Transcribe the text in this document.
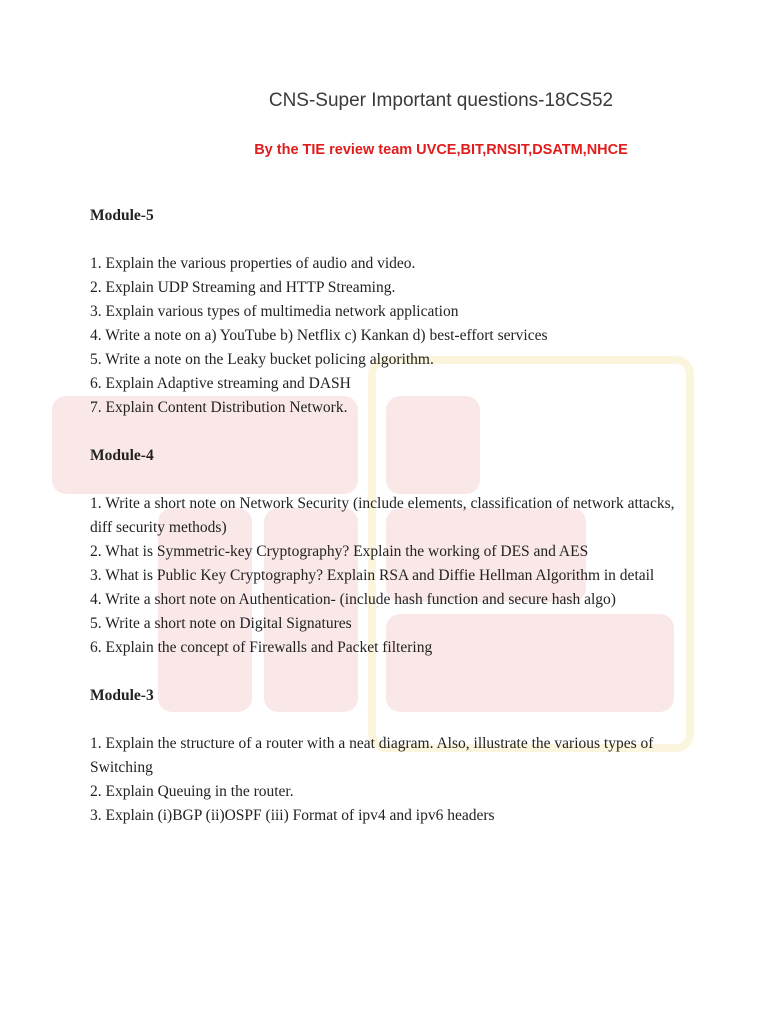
CNS-Super Important questions-18CS52

By the TIE review team UVCE,BIT,RNSIT,DSATM,NHCE

Module-5
1. Explain the various properties of audio and video.
2. Explain UDP Streaming and HTTP Streaming.
3. Explain various types of multimedia network application
4. Write a note on a) YouTube b) Netflix c) Kankan d) best-effort services
5. Write a note on the Leaky bucket policing algorithm.
6. Explain Adaptive streaming and DASH
7. Explain Content Distribution Network.
Module-4
1. Write a short note on Network Security (include elements, classification of network attacks, diff security methods)
2. What is Symmetric-key Cryptography? Explain the working of DES and AES
3. What is Public Key Cryptography? Explain RSA and Diffie Hellman Algorithm in detail
4. Write a short note on Authentication- (include hash function and secure hash algo)
5. Write a short note on Digital Signatures
6. Explain the concept of Firewalls and Packet filtering
Module-3
1. Explain the structure of a router with a neat diagram. Also, illustrate the various types of Switching
2. Explain Queuing in the router.
3. Explain (i)BGP (ii)OSPF (iii) Format of ipv4 and ipv6 headers
